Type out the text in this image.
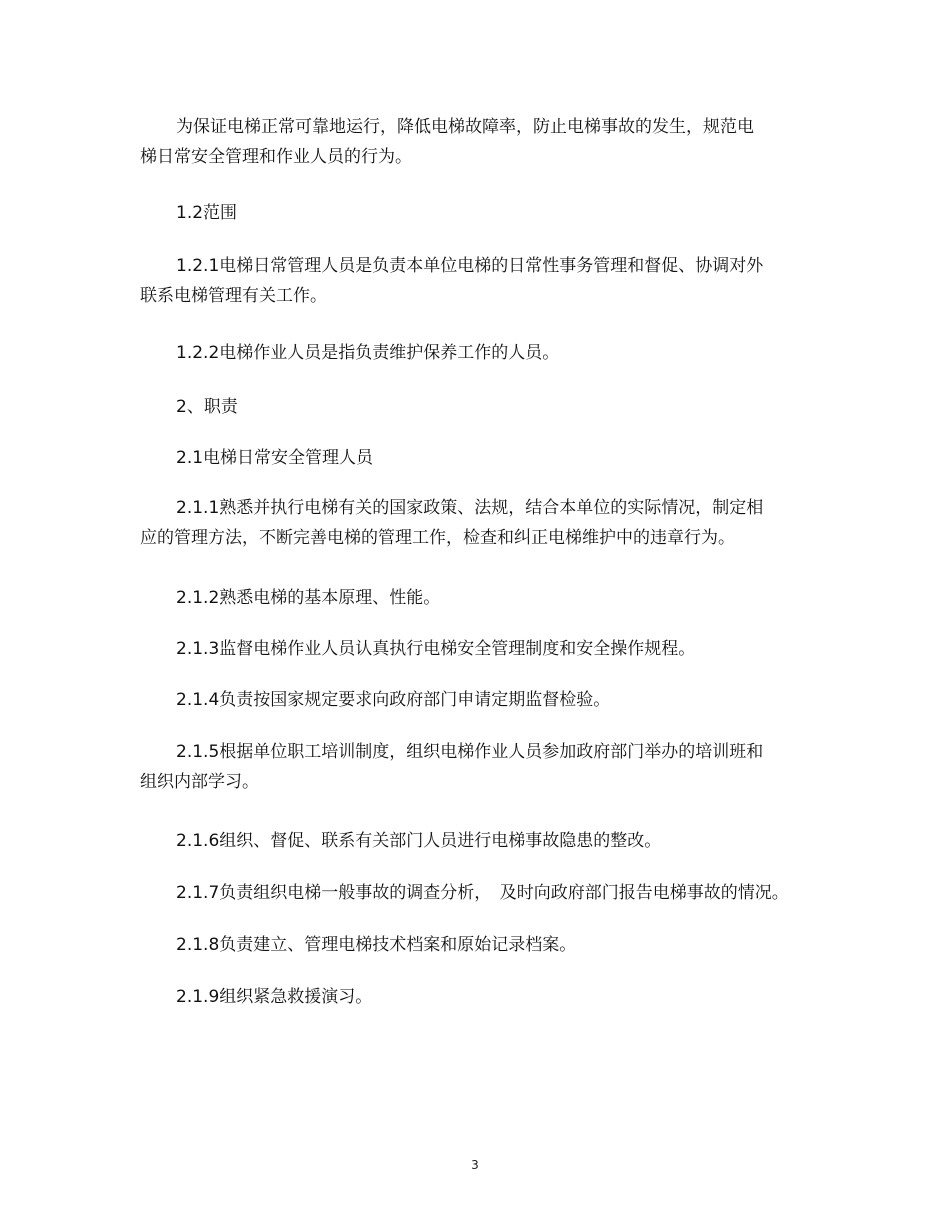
为保证电梯正常可靠地运行，降低电梯故障率，防止电梯事故的发生，规范电
梯日常安全管理和作业人员的行为。

1.2范围

1.2.1电梯日常管理人员是负责本单位电梯的日常性事务管理和督促、协调对外
联系电梯管理有关工作。

1.2.2电梯作业人员是指负责维护保养工作的人员。

2、职责

2.1电梯日常安全管理人员

2.1.1熟悉并执行电梯有关的国家政策、法规，结合本单位的实际情况，制定相
应的管理方法，不断完善电梯的管理工作，检查和纠正电梯维护中的违章行为。

2.1.2熟悉电梯的基本原理、性能。

2.1.3监督电梯作业人员认真执行电梯安全管理制度和安全操作规程。

2.1.4负责按国家规定要求向政府部门申请定期监督检验。

2.1.5根据单位职工培训制度，组织电梯作业人员参加政府部门举办的培训班和
组织内部学习。

2.1.6组织、督促、联系有关部门人员进行电梯事故隐患的整改。

2.1.7负责组织电梯一般事故的调查分析，　及时向政府部门报告电梯事故的情况。

2.1.8负责建立、管理电梯技术档案和原始记录档案。

2.1.9组织紧急救援演习。

3
